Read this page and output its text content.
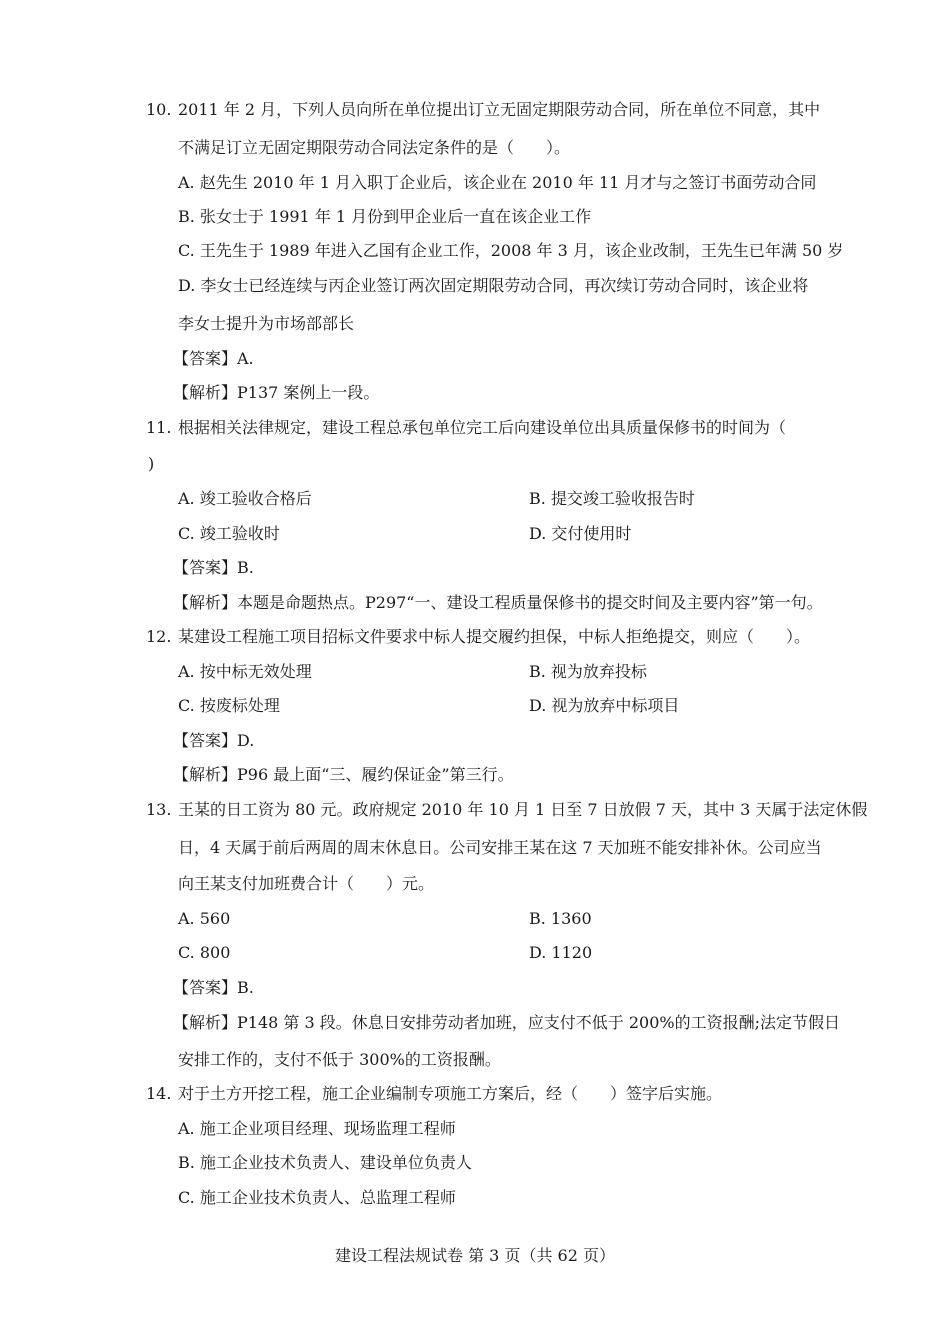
10. 2011 年 2 月，下列人员向所在单位提出订立无固定期限劳动合同，所在单位不同意，其中
不满足订立无固定期限劳动合同法定条件的是（　　）。
A. 赵先生 2010 年 1 月入职丁企业后，该企业在 2010 年 11 月才与之签订书面劳动合同
B. 张女士于 1991 年 1 月份到甲企业后一直在该企业工作
C. 王先生于 1989 年进入乙国有企业工作，2008 年 3 月，该企业改制，王先生已年满 50 岁
D. 李女士已经连续与丙企业签订两次固定期限劳动合同，再次续订劳动合同时，该企业将
李女士提升为市场部部长
【答案】A.
【解析】P137 案例上一段。
11. 根据相关法律规定，建设工程总承包单位完工后向建设单位出具质量保修书的时间为（
)
A. 竣工验收合格后	B. 提交竣工验收报告时
C. 竣工验收时	D. 交付使用时
【答案】B.
【解析】本题是命题热点。P297“一、建设工程质量保修书的提交时间及主要内容”第一句。
12. 某建设工程施工项目招标文件要求中标人提交履约担保，中标人拒绝提交，则应（　　）。
A. 按中标无效处理	B. 视为放弃投标
C. 按废标处理	D. 视为放弃中标项目
【答案】D.
【解析】P96 最上面“三、履约保证金”第三行。
13. 王某的日工资为 80 元。政府规定 2010 年 10 月 1 日至 7 日放假 7 天，其中 3 天属于法定休假
日，4 天属于前后两周的周末休息日。公司安排王某在这 7 天加班不能安排补休。公司应当
向王某支付加班费合计（　　）元。
A. 560	B. 1360
C. 800	D. 1120
【答案】B.
【解析】P148 第 3 段。休息日安排劳动者加班，应支付不低于 200%的工资报酬;法定节假日
安排工作的，支付不低于 300%的工资报酬。
14. 对于土方开挖工程，施工企业编制专项施工方案后，经（　　）签字后实施。
A. 施工企业项目经理、现场监理工程师
B. 施工企业技术负责人、建设单位负责人
C. 施工企业技术负责人、总监理工程师
建设工程法规试卷 第 3 页（共 62 页）
